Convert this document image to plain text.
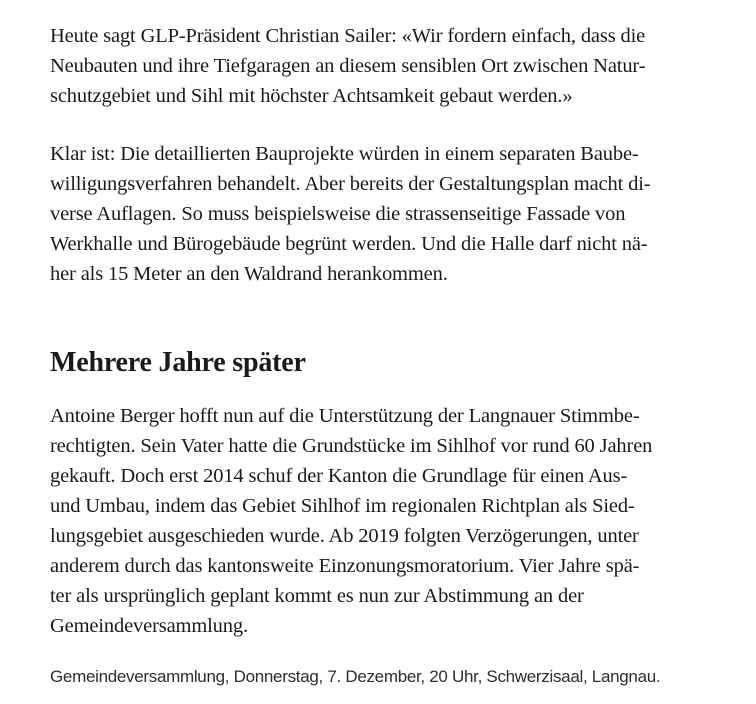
Heute sagt GLP-Präsident Christian Sailer: «Wir fordern einfach, dass die
Neubauten und ihre Tiefgaragen an diesem sensiblen Ort zwischen Natur-
schutzgebiet und Sihl mit höchster Achtsamkeit gebaut werden.»
Klar ist: Die detaillierten Bauprojekte würden in einem separaten Baube-
willigungsverfahren behandelt. Aber bereits der Gestaltungsplan macht di-
verse Auflagen. So muss beispielsweise die strassenseitige Fassade von
Werkhalle und Bürogebäude begrünt werden. Und die Halle darf nicht nä-
her als 15 Meter an den Waldrand herankommen.
Mehrere Jahre später
Antoine Berger hofft nun auf die Unterstützung der Langnauer Stimmbe-
rechtigten. Sein Vater hatte die Grundstücke im Sihlhof vor rund 60 Jahren
gekauft. Doch erst 2014 schuf der Kanton die Grundlage für einen Aus-
und Umbau, indem das Gebiet Sihlhof im regionalen Richtplan als Sied-
lungsgebiet ausgeschieden wurde. Ab 2019 folgten Verzögerungen, unter
anderem durch das kantonsweite Einzonungsmoratorium. Vier Jahre spä-
ter als ursprünglich geplant kommt es nun zur Abstimmung an der
Gemeindeversammlung.
Gemeindeversammlung, Donnerstag, 7. Dezember, 20 Uhr, Schwerzisaal, Langnau.
